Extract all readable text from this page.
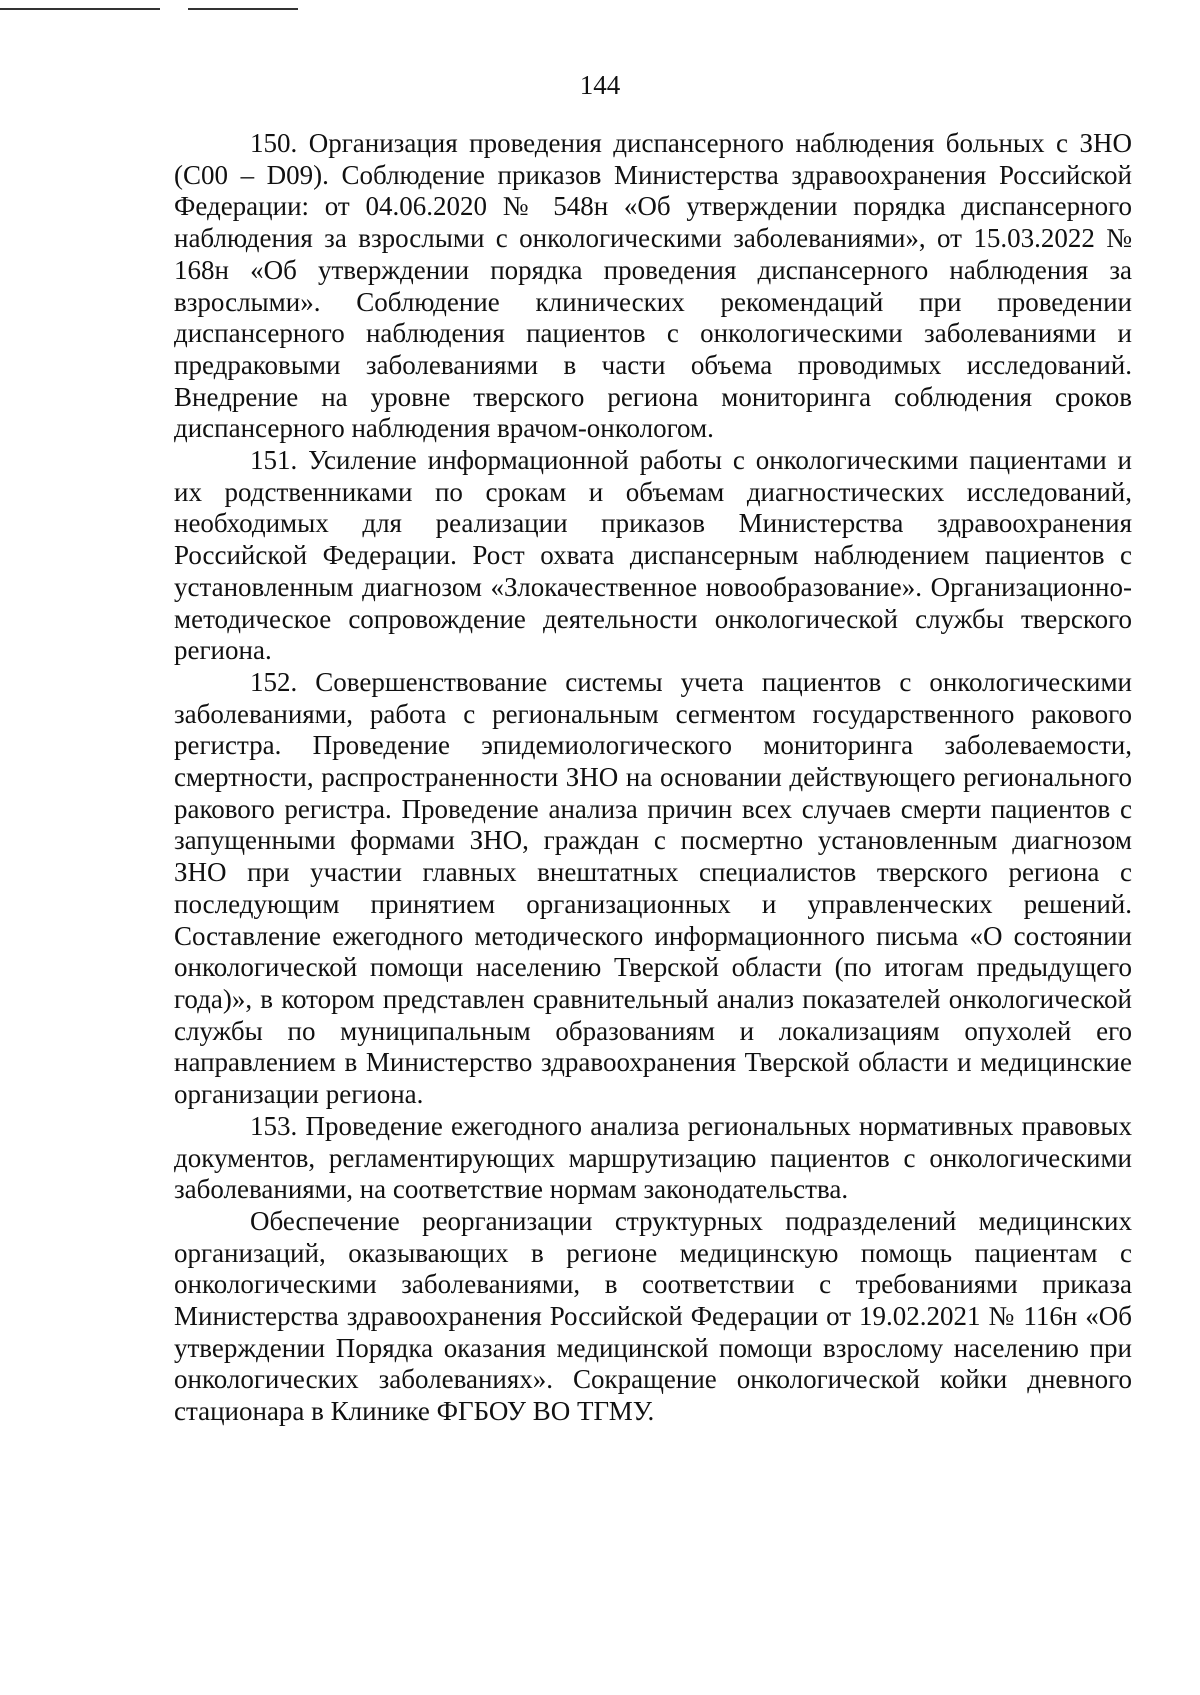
144

150. Организация проведения диспансерного наблюдения больных с ЗНО (C00 – D09). Соблюдение приказов Министерства здравоохранения Российской Федерации: от 04.06.2020 № 548н «Об утверждении порядка диспансерного наблюдения за взрослыми с онкологическими заболеваниями», от 15.03.2022 № 168н «Об утверждении порядка проведения диспансерного наблюдения за взрослыми». Соблюдение клинических рекомендаций при проведении диспансерного наблюдения пациентов с онкологическими заболеваниями и предраковыми заболеваниями в части объема проводимых исследований. Внедрение на уровне тверского региона мониторинга соблюдения сроков диспансерного наблюдения врачом-онкологом.

151. Усиление информационной работы с онкологическими пациентами и их родственниками по срокам и объемам диагностических исследований, необходимых для реализации приказов Министерства здравоохранения Российской Федерации. Рост охвата диспансерным наблюдением пациентов с установленным диагнозом «Злокачественное новообразование». Организационно-методическое сопровождение деятельности онкологической службы тверского региона.

152. Совершенствование системы учета пациентов с онкологическими заболеваниями, работа с региональным сегментом государственного ракового регистра. Проведение эпидемиологического мониторинга заболеваемости, смертности, распространенности ЗНО на основании действующего регионального ракового регистра. Проведение анализа причин всех случаев смерти пациентов с запущенными формами ЗНО, граждан с посмертно установленным диагнозом ЗНО при участии главных внештатных специалистов тверского региона с последующим принятием организационных и управленческих решений. Составление ежегодного методического информационного письма «О состоянии онкологической помощи населению Тверской области (по итогам предыдущего года)», в котором представлен сравнительный анализ показателей онкологической службы по муниципальным образованиям и локализациям опухолей его направлением в Министерство здравоохранения Тверской области и медицинские организации региона.

153. Проведение ежегодного анализа региональных нормативных правовых документов, регламентирующих маршрутизацию пациентов с онкологическими заболеваниями, на соответствие нормам законодательства.

Обеспечение реорганизации структурных подразделений медицинских организаций, оказывающих в регионе медицинскую помощь пациентам с онкологическими заболеваниями, в соответствии с требованиями приказа Министерства здравоохранения Российской Федерации от 19.02.2021 № 116н «Об утверждении Порядка оказания медицинской помощи взрослому населению при онкологических заболеваниях». Сокращение онкологической койки дневного стационара в Клинике ФГБОУ ВО ТГМУ.
